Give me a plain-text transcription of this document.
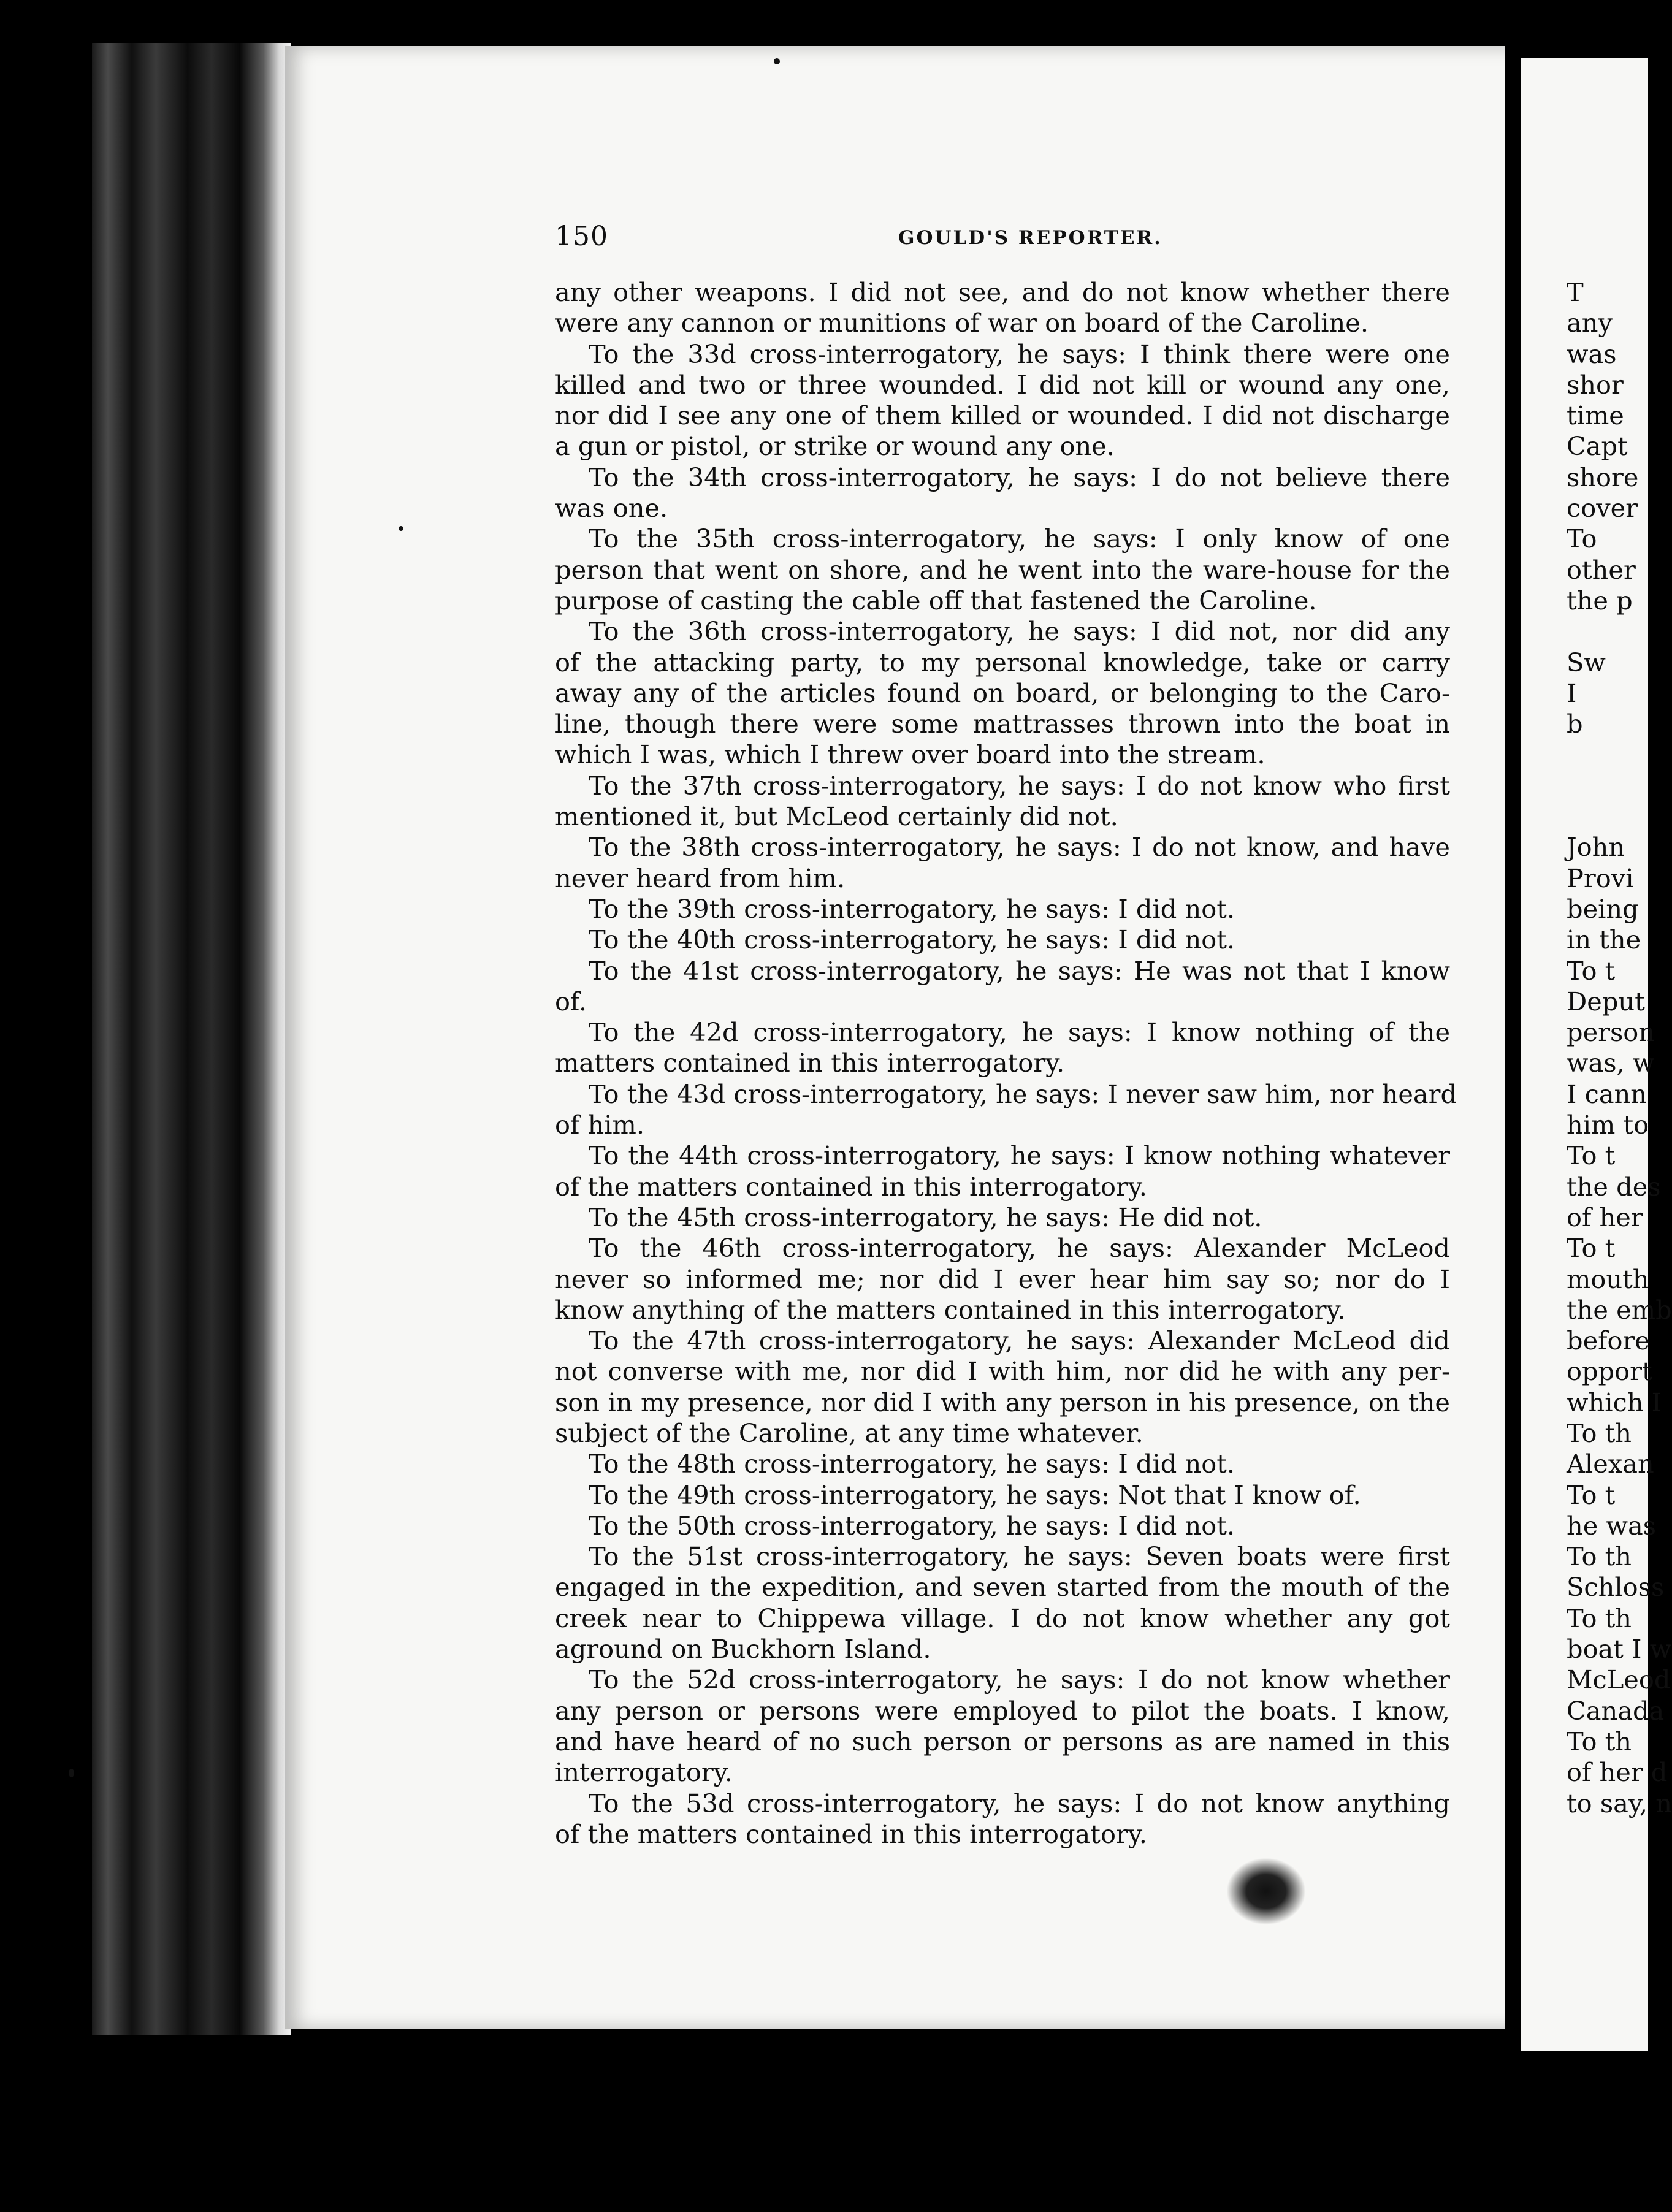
150	GOULD'S REPORTER.
any other weapons. I did not see, and do not know whether there
were any cannon or munitions of war on board of the Caroline.
To the 33d cross-interrogatory, he says: I think there were one
killed and two or three wounded. I did not kill or wound any one,
nor did I see any one of them killed or wounded. I did not discharge
a gun or pistol, or strike or wound any one.
To the 34th cross-interrogatory, he says: I do not believe there
was one.
To the 35th cross-interrogatory, he says: I only know of one
person that went on shore, and he went into the ware-house for the
purpose of casting the cable off that fastened the Caroline.
To the 36th cross-interrogatory, he says: I did not, nor did any
of the attacking party, to my personal knowledge, take or carry
away any of the articles found on board, or belonging to the Caro-
line, though there were some mattrasses thrown into the boat in
which I was, which I threw over board into the stream.
To the 37th cross-interrogatory, he says: I do not know who first
mentioned it, but McLeod certainly did not.
To the 38th cross-interrogatory, he says: I do not know, and have
never heard from him.
To the 39th cross-interrogatory, he says: I did not.
To the 40th cross-interrogatory, he says: I did not.
To the 41st cross-interrogatory, he says: He was not that I know
of.
To the 42d cross-interrogatory, he says: I know nothing of the
matters contained in this interrogatory.
To the 43d cross-interrogatory, he says: I never saw him, nor heard
of him.
To the 44th cross-interrogatory, he says: I know nothing whatever
of the matters contained in this interrogatory.
To the 45th cross-interrogatory, he says: He did not.
To the 46th cross-interrogatory, he says: Alexander McLeod
never so informed me; nor did I ever hear him say so; nor do I
know anything of the matters contained in this interrogatory.
To the 47th cross-interrogatory, he says: Alexander McLeod did
not converse with me, nor did I with him, nor did he with any per-
son in my presence, nor did I with any person in his presence, on the
subject of the Caroline, at any time whatever.
To the 48th cross-interrogatory, he says: I did not.
To the 49th cross-interrogatory, he says: Not that I know of.
To the 50th cross-interrogatory, he says: I did not.
To the 51st cross-interrogatory, he says: Seven boats were first
engaged in the expedition, and seven started from the mouth of the
creek near to Chippewa village. I do not know whether any got
aground on Buckhorn Island.
To the 52d cross-interrogatory, he says: I do not know whether
any person or persons were employed to pilot the boats. I know,
and have heard of no such person or persons as are named in this
interrogatory.
To the 53d cross-interrogatory, he says: I do not know anything
of the matters contained in this interrogatory.
T
any
was
shor
time
Capt
shore
cover
To
other
the p
Sw
I
b
John
Provi
being
in the
To t
Deput
person
was, w
I cann
him to
To t
the des
of her
To t
mouth
the emb
before
opport
which I
To th
Alexan
To t
he was
To th
Schloss
To th
boat I w
McLeod
Canada
To th
of her d
to say, n
